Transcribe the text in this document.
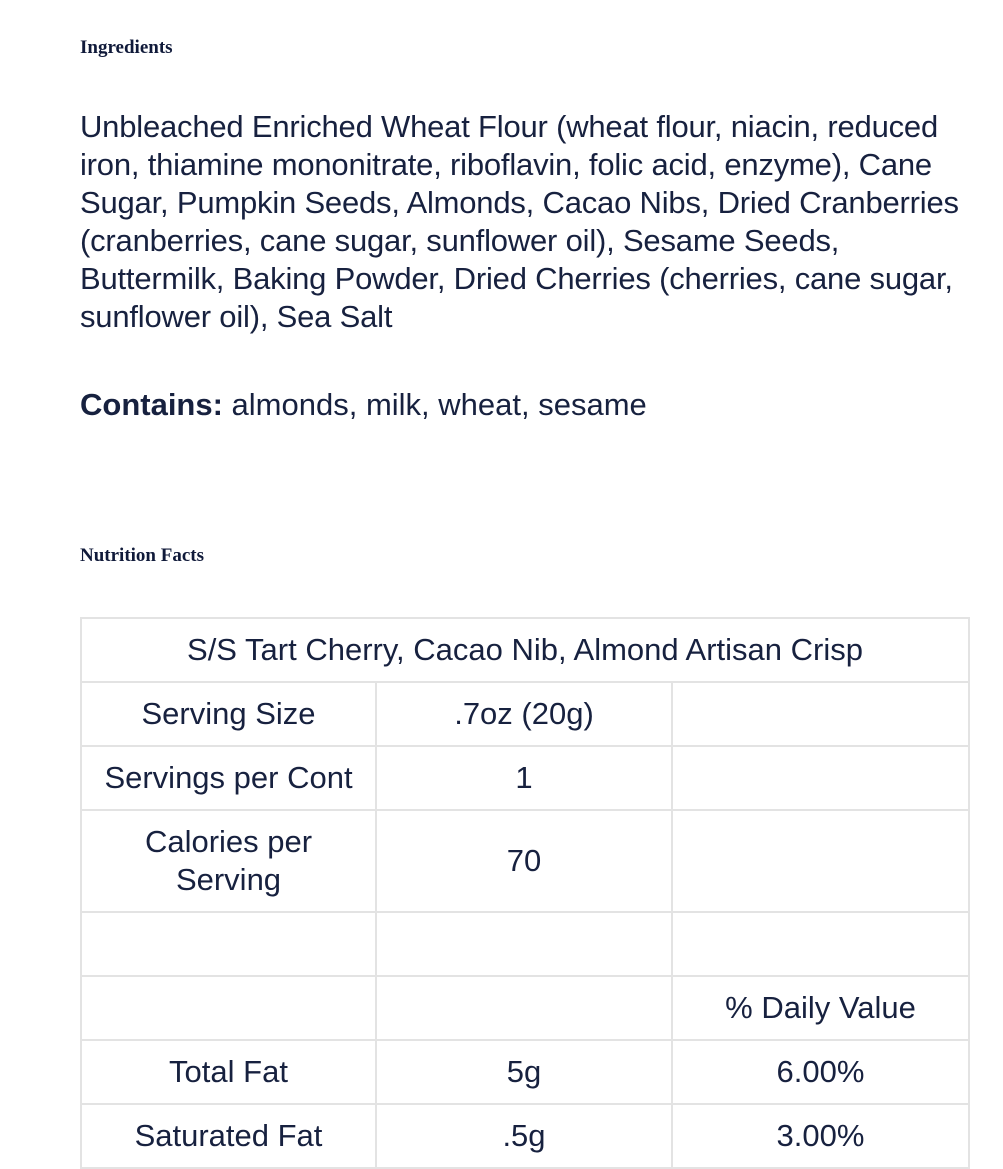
Ingredients

Unbleached Enriched Wheat Flour (wheat flour, niacin, reduced iron, thiamine mononitrate, riboflavin, folic acid, enzyme), Cane Sugar, Pumpkin Seeds, Almonds, Cacao Nibs, Dried Cranberries (cranberries, cane sugar, sunflower oil), Sesame Seeds, Buttermilk, Baking Powder, Dried Cherries (cherries, cane sugar, sunflower oil), Sea Salt

Contains: almonds, milk, wheat, sesame

Nutrition Facts
S/S Tart Cherry, Cacao Nib, Almond Artisan Crisp		
Serving Size	.7oz (20g)	
Servings per Cont	1	
Calories per Serving	70	

		% Daily Value
Total Fat	5g	6.00%
Saturated Fat	.5g	3.00%
